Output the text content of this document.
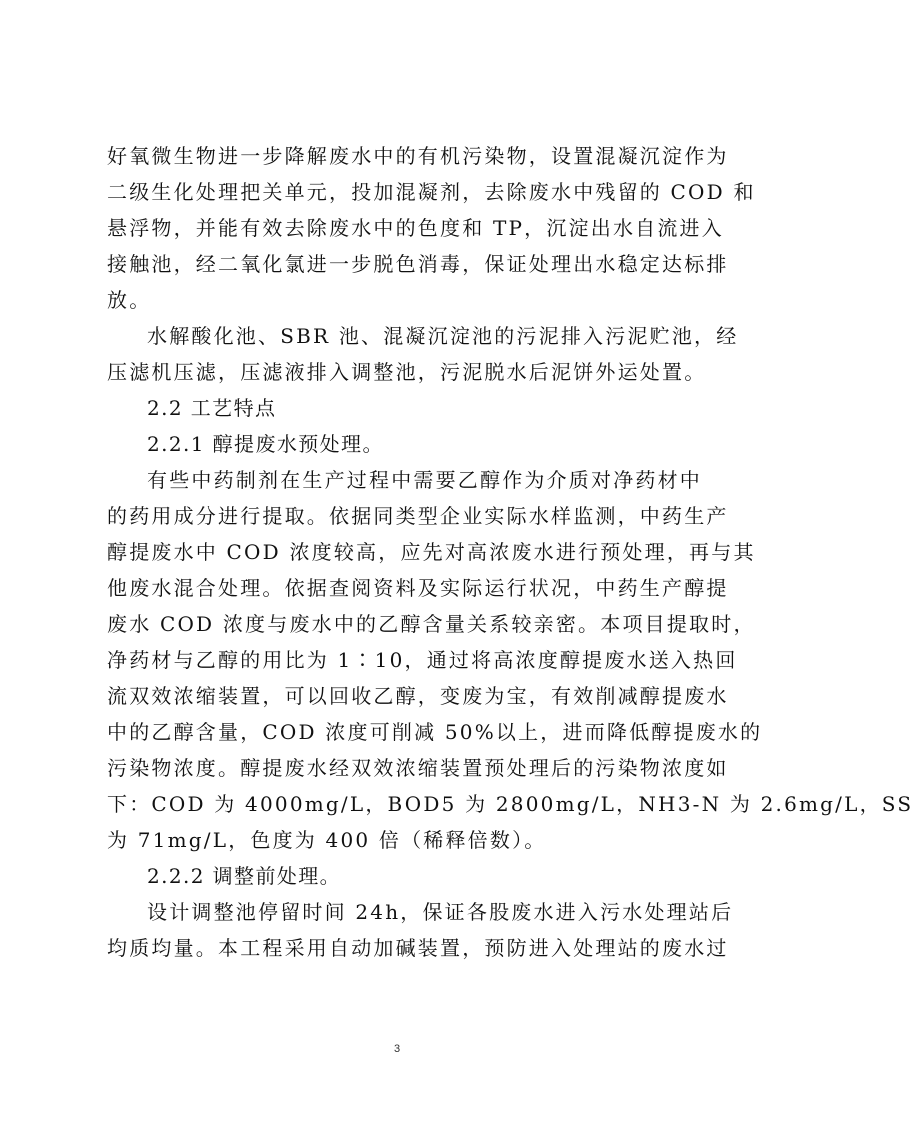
好氧微生物进一步降解废水中的有机污染物，设置混凝沉淀作为
二级生化处理把关单元，投加混凝剂，去除废水中残留的 COD 和
悬浮物，并能有效去除废水中的色度和 TP，沉淀出水自流进入
接触池，经二氧化氯进一步脱色消毒，保证处理出水稳定达标排
放。
水解酸化池、SBR 池、混凝沉淀池的污泥排入污泥贮池，经
压滤机压滤，压滤液排入调整池，污泥脱水后泥饼外运处置。
2.2 工艺特点
2.2.1 醇提废水预处理。
有些中药制剂在生产过程中需要乙醇作为介质对净药材中
的药用成分进行提取。依据同类型企业实际水样监测，中药生产
醇提废水中 COD 浓度较高，应先对高浓废水进行预处理，再与其
他废水混合处理。依据查阅资料及实际运行状况，中药生产醇提
废水 COD 浓度与废水中的乙醇含量关系较亲密。本项目提取时，
净药材与乙醇的用比为 1∶10，通过将高浓度醇提废水送入热回
流双效浓缩装置，可以回收乙醇，变废为宝，有效削减醇提废水
中的乙醇含量，COD 浓度可削减 50%以上，进而降低醇提废水的
污染物浓度。醇提废水经双效浓缩装置预处理后的污染物浓度如
下：COD 为 4000mg/L，BOD5 为 2800mg/L，NH3-N 为 2.6mg/L，SS
为 71mg/L，色度为 400 倍（稀释倍数）。
2.2.2 调整前处理。
设计调整池停留时间 24h，保证各股废水进入污水处理站后
均质均量。本工程采用自动加碱装置，预防进入处理站的废水过
3
